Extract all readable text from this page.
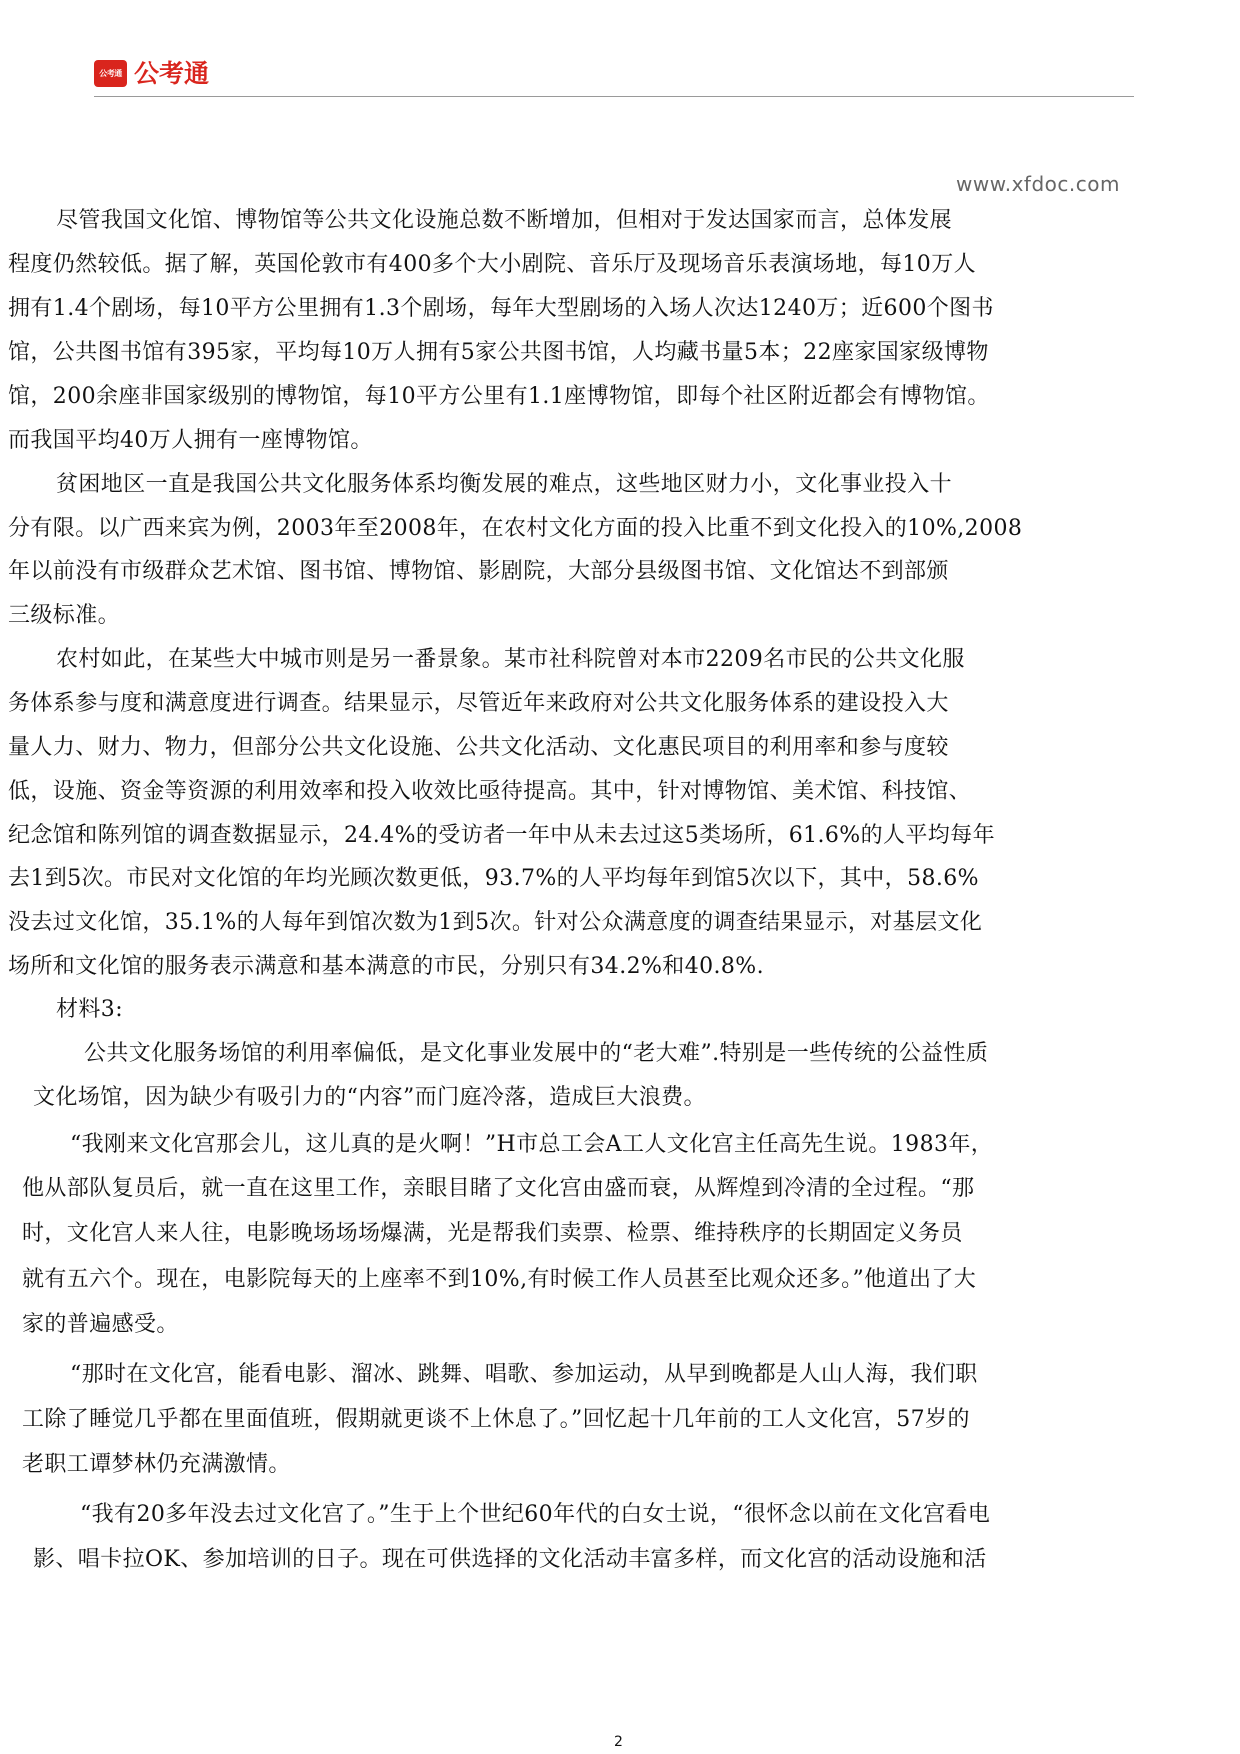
公考通 公考通
www.xfdoc.com
尽管我国文化馆、博物馆等公共文化设施总数不断增加，但相对于发达国家而言，总体发展
程度仍然较低。据了解，英国伦敦市有400多个大小剧院、音乐厅及现场音乐表演场地，每10万人
拥有1.4个剧场，每10平方公里拥有1.3个剧场，每年大型剧场的入场人次达1240万；近600个图书
馆，公共图书馆有395家，平均每10万人拥有5家公共图书馆，人均藏书量5本；22座家国家级博物
馆，200余座非国家级别的博物馆，每10平方公里有1.1座博物馆，即每个社区附近都会有博物馆。
而我国平均40万人拥有一座博物馆。
贫困地区一直是我国公共文化服务体系均衡发展的难点，这些地区财力小，文化事业投入十
分有限。以广西来宾为例，2003年至2008年，在农村文化方面的投入比重不到文化投入的10%,2008
年以前没有市级群众艺术馆、图书馆、博物馆、影剧院，大部分县级图书馆、文化馆达不到部颁
三级标准。
农村如此，在某些大中城市则是另一番景象。某市社科院曾对本市2209名市民的公共文化服
务体系参与度和满意度进行调查。结果显示，尽管近年来政府对公共文化服务体系的建设投入大
量人力、财力、物力，但部分公共文化设施、公共文化活动、文化惠民项目的利用率和参与度较
低，设施、资金等资源的利用效率和投入收效比亟待提高。其中，针对博物馆、美术馆、科技馆、
纪念馆和陈列馆的调查数据显示，24.4%的受访者一年中从未去过这5类场所，61.6%的人平均每年
去1到5次。市民对文化馆的年均光顾次数更低，93.7%的人平均每年到馆5次以下，其中，58.6%
没去过文化馆，35.1%的人每年到馆次数为1到5次。针对公众满意度的调查结果显示，对基层文化
场所和文化馆的服务表示满意和基本满意的市民，分别只有34.2%和40.8%.
材料3:
公共文化服务场馆的利用率偏低，是文化事业发展中的“老大难”.特别是一些传统的公益性质
文化场馆，因为缺少有吸引力的“内容”而门庭冷落，造成巨大浪费。
“我刚来文化宫那会儿，这儿真的是火啊！”H市总工会A工人文化宫主任高先生说。1983年，
他从部队复员后，就一直在这里工作，亲眼目睹了文化宫由盛而衰，从辉煌到冷清的全过程。“那
时，文化宫人来人往，电影晚场场场爆满，光是帮我们卖票、检票、维持秩序的长期固定义务员
就有五六个。现在，电影院每天的上座率不到10%,有时候工作人员甚至比观众还多。”他道出了大
家的普遍感受。
“那时在文化宫，能看电影、溜冰、跳舞、唱歌、参加运动，从早到晚都是人山人海，我们职
工除了睡觉几乎都在里面值班，假期就更谈不上休息了。”回忆起十几年前的工人文化宫，57岁的
老职工谭梦林仍充满激情。
“我有20多年没去过文化宫了。”生于上个世纪60年代的白女士说，“很怀念以前在文化宫看电
影、唱卡拉OK、参加培训的日子。现在可供选择的文化活动丰富多样，而文化宫的活动设施和活
2
